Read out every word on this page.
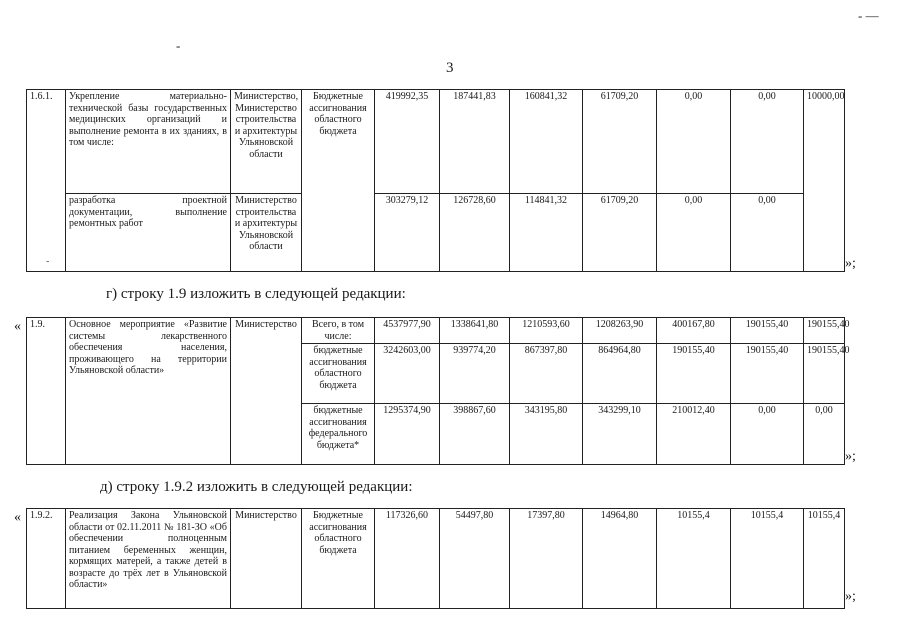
-
- —
3
1.6.1.	Укрепление материально-технической базы государственных медицинских организаций и выполнение ремонта в их зданиях, в том числе:	Министерство, Министерство строительства и архитектуры Ульяновской области	Бюджетные ассигнования областного бюджета	419992,35	187441,83	160841,32	61709,20	0,00	0,00	10000,00
	разработка проектной документации, выполнение ремонтных работ	Министерство строительства и архитектуры Ульяновской области		303279,12	126728,60	114841,32	61709,20	0,00	0,00	
-	»;
г) строку 1.9 изложить в следующей редакции:
« 1.9.	Основное мероприятие «Развитие системы лекарственного обеспечения населения, проживающего на территории Ульяновской области»	Министерство	Всего, в том числе:	4537977,90	1338641,80	1210593,60	1208263,90	400167,80	190155,40	190155,40
			бюджетные ассигнования областного бюджета	3242603,00	939774,20	867397,80	864964,80	190155,40	190155,40	190155,40
			бюджетные ассигнования федерального бюджета*	1295374,90	398867,60	343195,80	343299,10	210012,40	0,00	0,00
»;
д) строку 1.9.2 изложить в следующей редакции:
« 1.9.2.	Реализация Закона Ульяновской области от 02.11.2011 № 181-ЗО «Об обеспечении полноценным питанием беременных женщин, кормящих матерей, а также детей в возрасте до трёх лет в Ульяновской области»	Министерство	Бюджетные ассигнования областного бюджета	117326,60	54497,80	17397,80	14964,80	10155,4	10155,4	10155,4
»;
